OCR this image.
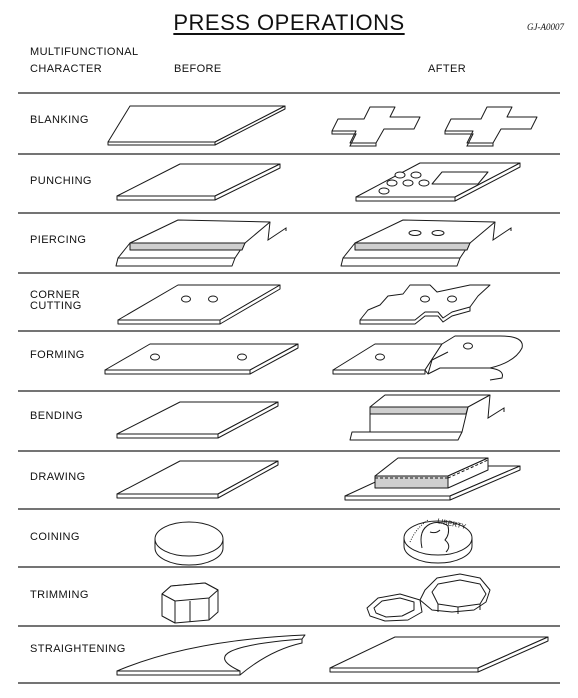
PRESS OPERATIONS	GJ-A0007
MULTIFUNCTIONAL
CHARACTER	BEFORE	AFTER
BLANKING
PUNCHING
PIERCING
CORNER
CUTTING
FORMING
BENDING
DRAWING
COINING
TRIMMING
STRAIGHTENING
LIBERTY
